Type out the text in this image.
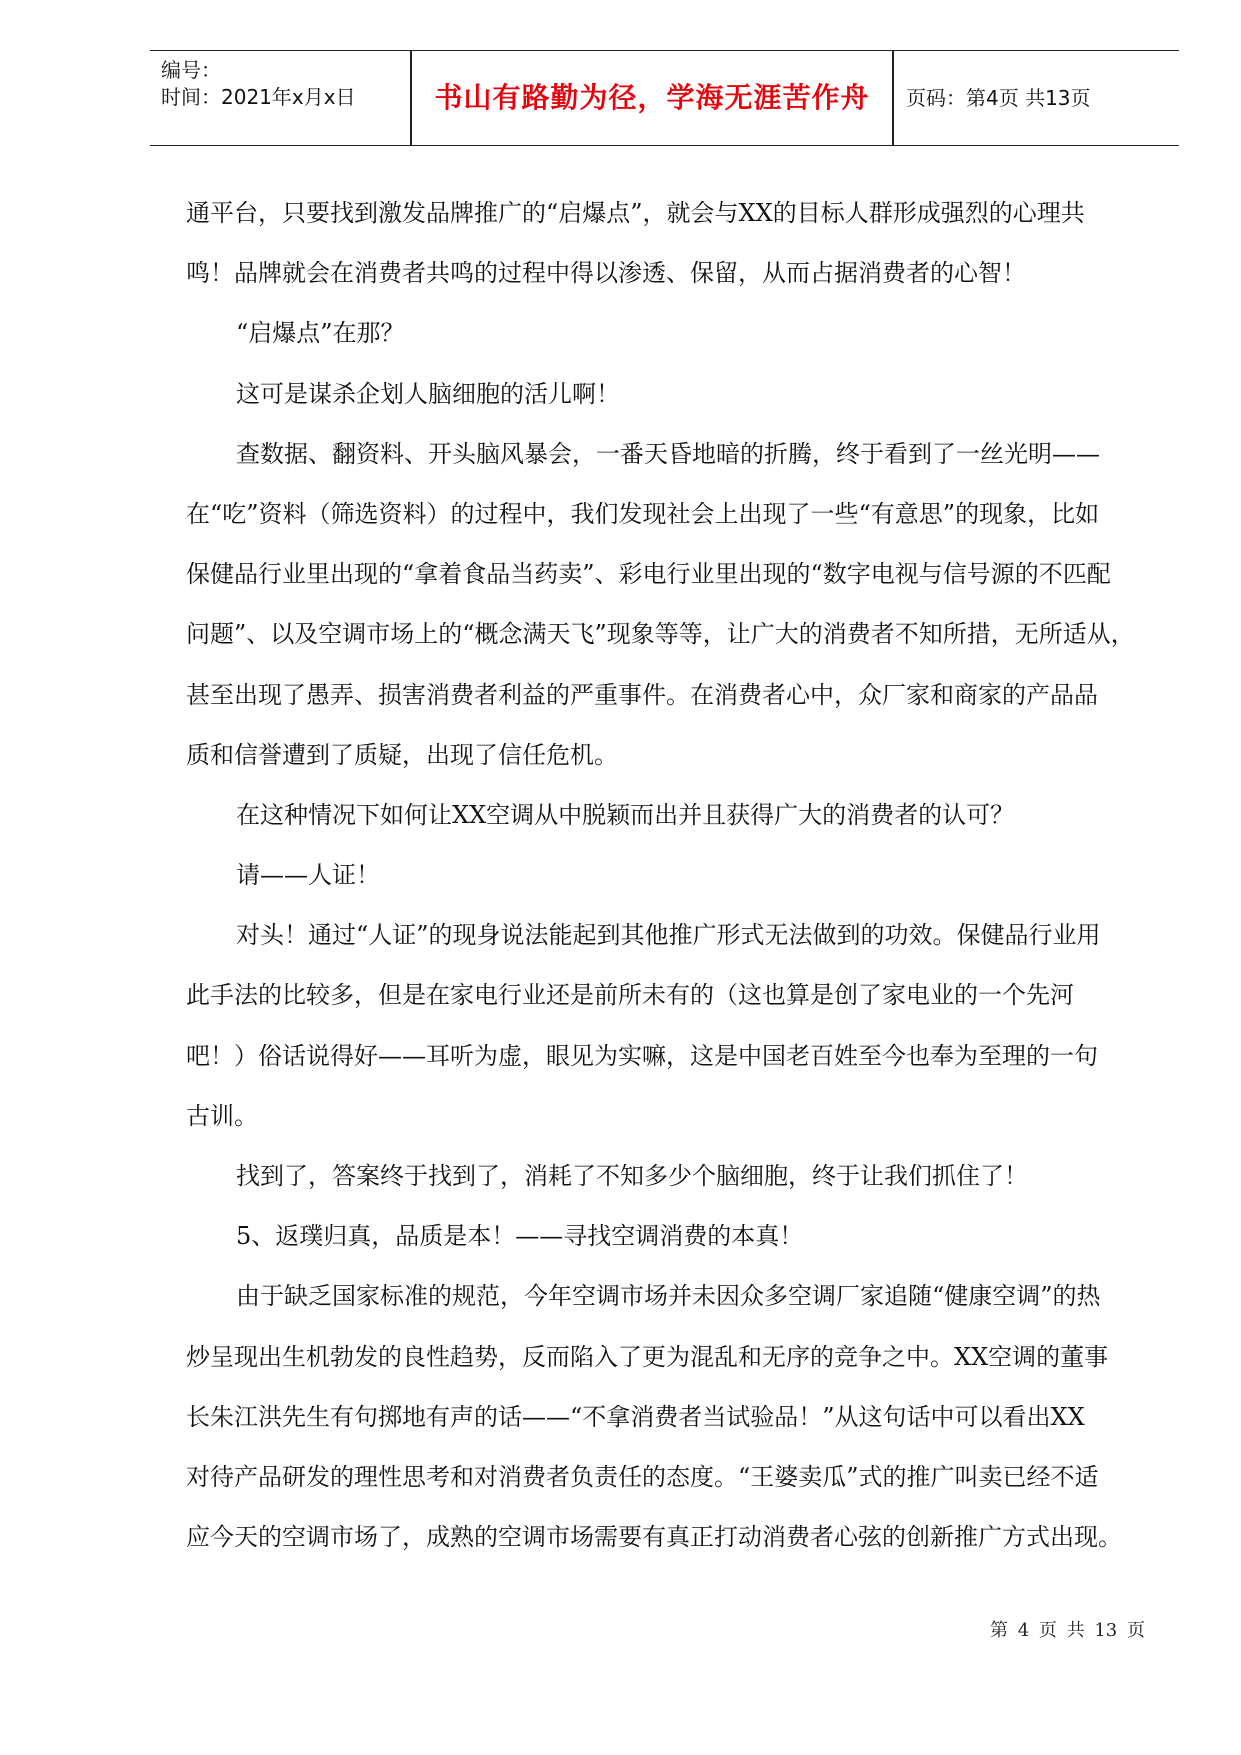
编号：
时间：2021年x月x日	书山有路勤为径，学海无涯苦作舟	页码：第4页 共13页
通平台，只要找到激发品牌推广的“启爆点”，就会与XX的目标人群形成强烈的心理共
鸣！品牌就会在消费者共鸣的过程中得以渗透、保留，从而占据消费者的心智！
“启爆点”在那？
这可是谋杀企划人脑细胞的活儿啊！
查数据、翻资料、开头脑风暴会，一番天昏地暗的折腾，终于看到了一丝光明——
在“吃”资料（筛选资料）的过程中，我们发现社会上出现了一些“有意思”的现象，比如
保健品行业里出现的“拿着食品当药卖”、彩电行业里出现的“数字电视与信号源的不匹配
问题”、以及空调市场上的“概念满天飞”现象等等，让广大的消费者不知所措，无所适从，
甚至出现了愚弄、损害消费者利益的严重事件。在消费者心中，众厂家和商家的产品品
质和信誉遭到了质疑，出现了信任危机。
在这种情况下如何让XX空调从中脱颖而出并且获得广大的消费者的认可？
请——人证！
对头！通过“人证”的现身说法能起到其他推广形式无法做到的功效。保健品行业用
此手法的比较多，但是在家电行业还是前所未有的（这也算是创了家电业的一个先河
吧！）俗话说得好——耳听为虚，眼见为实嘛，这是中国老百姓至今也奉为至理的一句
古训。
找到了，答案终于找到了，消耗了不知多少个脑细胞，终于让我们抓住了！
5、返璞归真，品质是本！——寻找空调消费的本真！
由于缺乏国家标准的规范，今年空调市场并未因众多空调厂家追随“健康空调”的热
炒呈现出生机勃发的良性趋势，反而陷入了更为混乱和无序的竞争之中。XX空调的董事
长朱江洪先生有句掷地有声的话——“不拿消费者当试验品！”从这句话中可以看出XX
对待产品研发的理性思考和对消费者负责任的态度。“王婆卖瓜”式的推广叫卖已经不适
应今天的空调市场了，成熟的空调市场需要有真正打动消费者心弦的创新推广方式出现。
第 4 页 共 13 页
